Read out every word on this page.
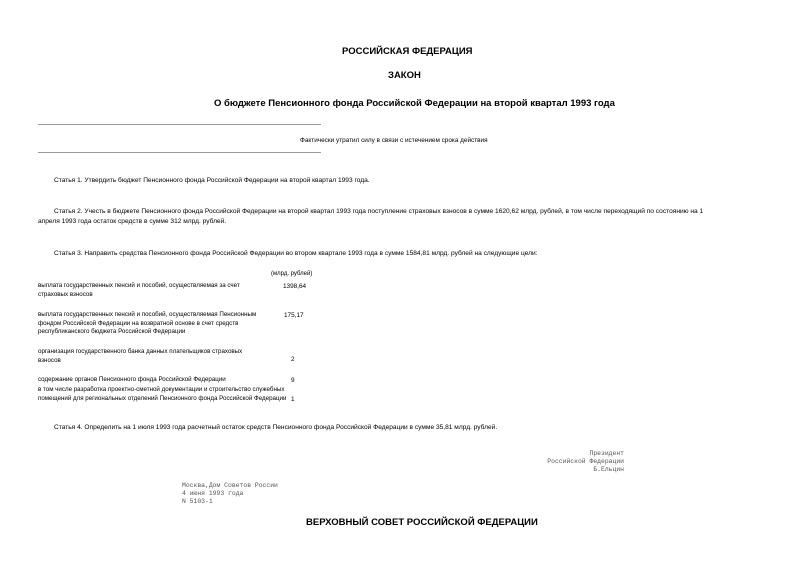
РОССИЙСКАЯ ФЕДЕРАЦИЯ
ЗАКОН
О бюджете Пенсионного фонда Российской Федерации на второй квартал 1993 года
Фактически утратил силу в связи с истечением срока действия
Статья 1. Утвердить бюджет Пенсионного фонда Российской Федерации на второй квартал 1993 года.
Статья 2. Учесть в бюджете Пенсионного фонда Российской Федерации на второй квартал 1993 года поступление страховых взносов в сумме 1620,62 млрд. рублей, в том числе переходящий по состоянию на 1
апреля 1993 года остаток средств в сумме 312 млрд. рублей.
Статья 3. Направить средства Пенсионного фонда Российской Федерации во втором квартале 1993 года в сумме 1584,81 млрд. рублей на следующие цели:
(млрд. рублей)
выплата государственных пенсий и пособий, осуществляемая за счет страховых взносов
1398,64
выплата государственных пенсий и пособий, осуществляемая Пенсионным фондом Российской Федерации на возвратной основе в счет средств республиканского бюджета Российской Федерации
175,17
организация государственного банка данных плательщиков страховых взносов	2
содержание органов Пенсионного фонда Российской Федерации	9
в том числе разработка проектно-сметной документации и строительство служебных помещений для региональных отделений Пенсионного фонда Российской Федерации 1
Статья 4. Определить на 1 июля 1993 года расчетный остаток средств Пенсионного фонда Российской Федерации в сумме 35,81 млрд. рублей.
Президент
Российской Федерации
Б.Ельцин
Москва,Дом Советов России
4 июня 1993 года
N 5103-1
ВЕРХОВНЫЙ СОВЕТ РОССИЙСКОЙ ФЕДЕРАЦИИ
